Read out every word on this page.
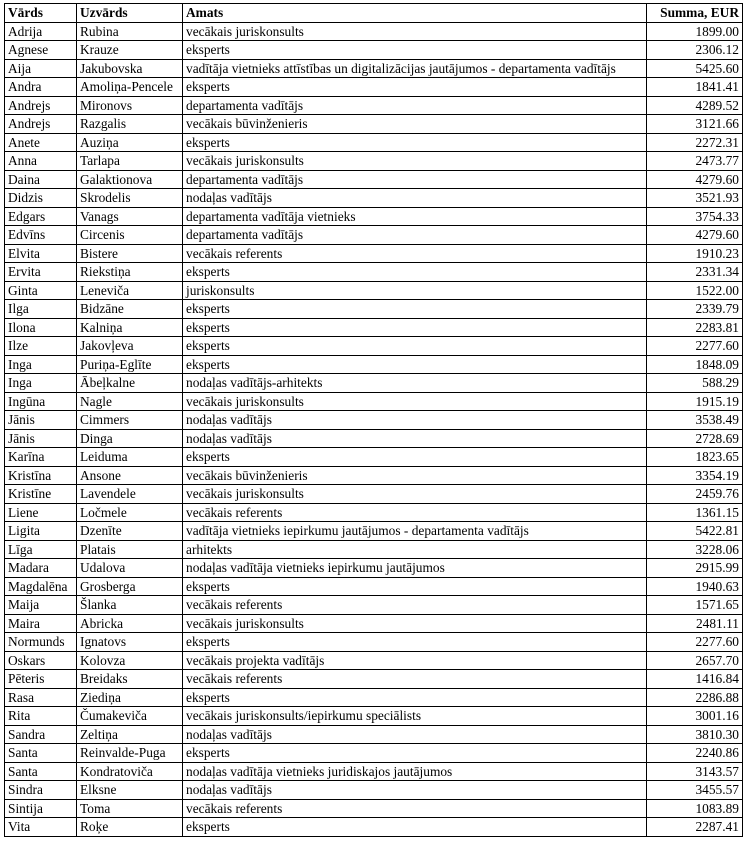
Vārds	Uzvārds	Amats	Summa, EUR
Adrija	Rubina	vecākais juriskonsults	1899.00
Agnese	Krauze	eksperts	2306.12
Aija	Jakubovska	vadītāja vietnieks attīstības un digitalizācijas jautājumos - departamenta vadītājs	5425.60
Andra	Amoliņa-Pencele	eksperts	1841.41
Andrejs	Mironovs	departamenta vadītājs	4289.52
Andrejs	Razgalis	vecākais būvinženieris	3121.66
Anete	Auziņa	eksperts	2272.31
Anna	Tarlapa	vecākais juriskonsults	2473.77
Daina	Galaktionova	departamenta vadītājs	4279.60
Didzis	Skrodelis	nodaļas vadītājs	3521.93
Edgars	Vanags	departamenta vadītāja vietnieks	3754.33
Edvīns	Circenis	departamenta vadītājs	4279.60
Elvita	Bistere	vecākais referents	1910.23
Ervita	Riekstiņa	eksperts	2331.34
Ginta	Leneviča	juriskonsults	1522.00
Ilga	Bidzāne	eksperts	2339.79
Ilona	Kalniņa	eksperts	2283.81
Ilze	Jakovļeva	eksperts	2277.60
Inga	Puriņa-Eglīte	eksperts	1848.09
Inga	Ābeļkalne	nodaļas vadītājs-arhitekts	588.29
Ingūna	Nagle	vecākais juriskonsults	1915.19
Jānis	Cimmers	nodaļas vadītājs	3538.49
Jānis	Dinga	nodaļas vadītājs	2728.69
Karīna	Leiduma	eksperts	1823.65
Kristīna	Ansone	vecākais būvinženieris	3354.19
Kristīne	Lavendele	vecākais juriskonsults	2459.76
Liene	Ločmele	vecākais referents	1361.15
Ligita	Dzenīte	vadītāja vietnieks iepirkumu jautājumos - departamenta vadītājs	5422.81
Līga	Platais	arhitekts	3228.06
Madara	Udalova	nodaļas vadītāja vietnieks iepirkumu jautājumos	2915.99
Magdalēna	Grosberga	eksperts	1940.63
Maija	Šlanka	vecākais referents	1571.65
Maira	Abricka	vecākais juriskonsults	2481.11
Normunds	Ignatovs	eksperts	2277.60
Oskars	Kolovza	vecākais projekta vadītājs	2657.70
Pēteris	Breidaks	vecākais referents	1416.84
Rasa	Ziediņa	eksperts	2286.88
Rita	Čumakeviča	vecākais juriskonsults/iepirkumu speciālists	3001.16
Sandra	Zeltiņa	nodaļas vadītājs	3810.30
Santa	Reinvalde-Puga	eksperts	2240.86
Santa	Kondratoviča	nodaļas vadītāja vietnieks juridiskajos jautājumos	3143.57
Sindra	Elksne	nodaļas vadītājs	3455.57
Sintija	Toma	vecākais referents	1083.89
Vita	Roķe	eksperts	2287.41
